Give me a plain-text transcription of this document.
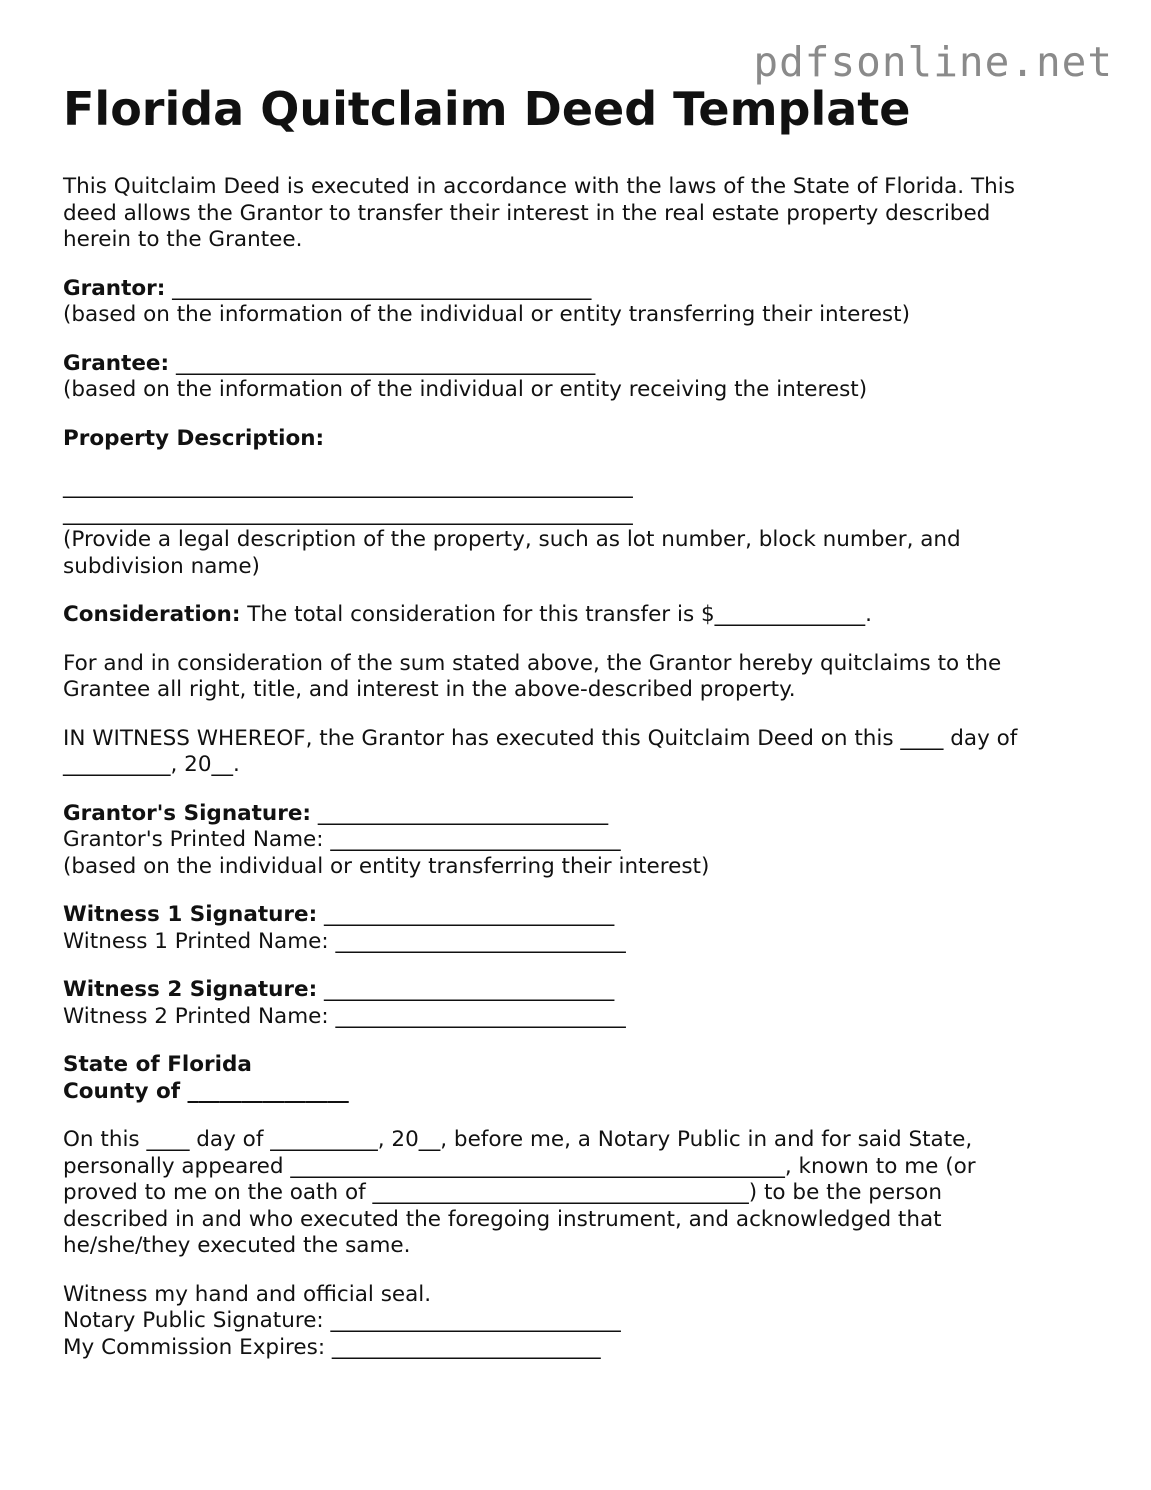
pdfsonline.net
Florida Quitclaim Deed Template

This Quitclaim Deed is executed in accordance with the laws of the State of Florida. This
deed allows the Grantor to transfer their interest in the real estate property described
herein to the Grantee.

Grantor: _______________________________________
(based on the information of the individual or entity transferring their interest)

Grantee: _______________________________________
(based on the information of the individual or entity receiving the interest)

Property Description:
_____________________________________________________
_____________________________________________________
(Provide a legal description of the property, such as lot number, block number, and
subdivision name)

Consideration: The total consideration for this transfer is $______________.

For and in consideration of the sum stated above, the Grantor hereby quitclaims to the
Grantee all right, title, and interest in the above-described property.

IN WITNESS WHEREOF, the Grantor has executed this Quitclaim Deed on this ____ day of
__________, 20__.

Grantor's Signature: ___________________________
Grantor's Printed Name: ___________________________
(based on the individual or entity transferring their interest)

Witness 1 Signature: ___________________________
Witness 1 Printed Name: ___________________________

Witness 2 Signature: ___________________________
Witness 2 Printed Name: ___________________________

State of Florida
County of _______________

On this ____ day of __________, 20__, before me, a Notary Public in and for said State,
personally appeared ______________________________________________, known to me (or
proved to me on the oath of ___________________________________) to be the person
described in and who executed the foregoing instrument, and acknowledged that
he/she/they executed the same.

Witness my hand and official seal.
Notary Public Signature: ___________________________
My Commission Expires: _________________________
